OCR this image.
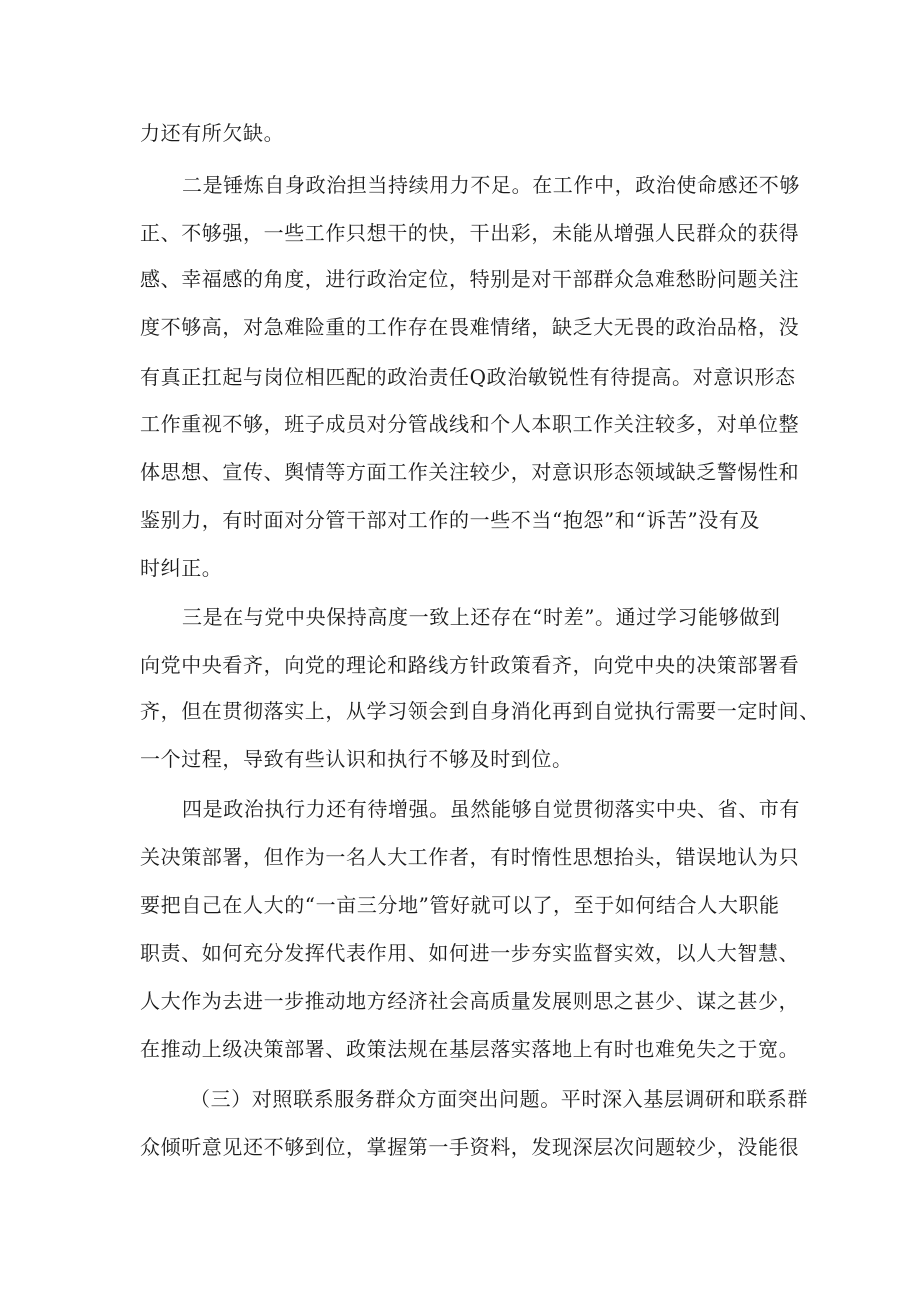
力还有所欠缺。
二是锤炼自身政治担当持续用力不足。在工作中，政治使命感还不够
正、不够强，一些工作只想干的快，干出彩，未能从增强人民群众的获得
感、幸福感的角度，进行政治定位，特别是对干部群众急难愁盼问题关注
度不够高，对急难险重的工作存在畏难情绪，缺乏大无畏的政治品格，没
有真正扛起与岗位相匹配的政治责任Q政治敏锐性有待提高。对意识形态
工作重视不够，班子成员对分管战线和个人本职工作关注较多，对单位整
体思想、宣传、舆情等方面工作关注较少，对意识形态领域缺乏警惕性和
鉴别力，有时面对分管干部对工作的一些不当“抱怨”和“诉苦”没有及
时纠正。
三是在与党中央保持高度一致上还存在“时差”。通过学习能够做到
向党中央看齐，向党的理论和路线方针政策看齐，向党中央的决策部署看
齐，但在贯彻落实上，从学习领会到自身消化再到自觉执行需要一定时间、
一个过程，导致有些认识和执行不够及时到位。
四是政治执行力还有待增强。虽然能够自觉贯彻落实中央、省、市有
关决策部署，但作为一名人大工作者，有时惰性思想抬头，错误地认为只
要把自己在人大的“一亩三分地”管好就可以了，至于如何结合人大职能
职责、如何充分发挥代表作用、如何进一步夯实监督实效，以人大智慧、
人大作为去进一步推动地方经济社会高质量发展则思之甚少、谋之甚少，
在推动上级决策部署、政策法规在基层落实落地上有时也难免失之于宽。
（三）对照联系服务群众方面突出问题。平时深入基层调研和联系群
众倾听意见还不够到位，掌握第一手资料，发现深层次问题较少，没能很
